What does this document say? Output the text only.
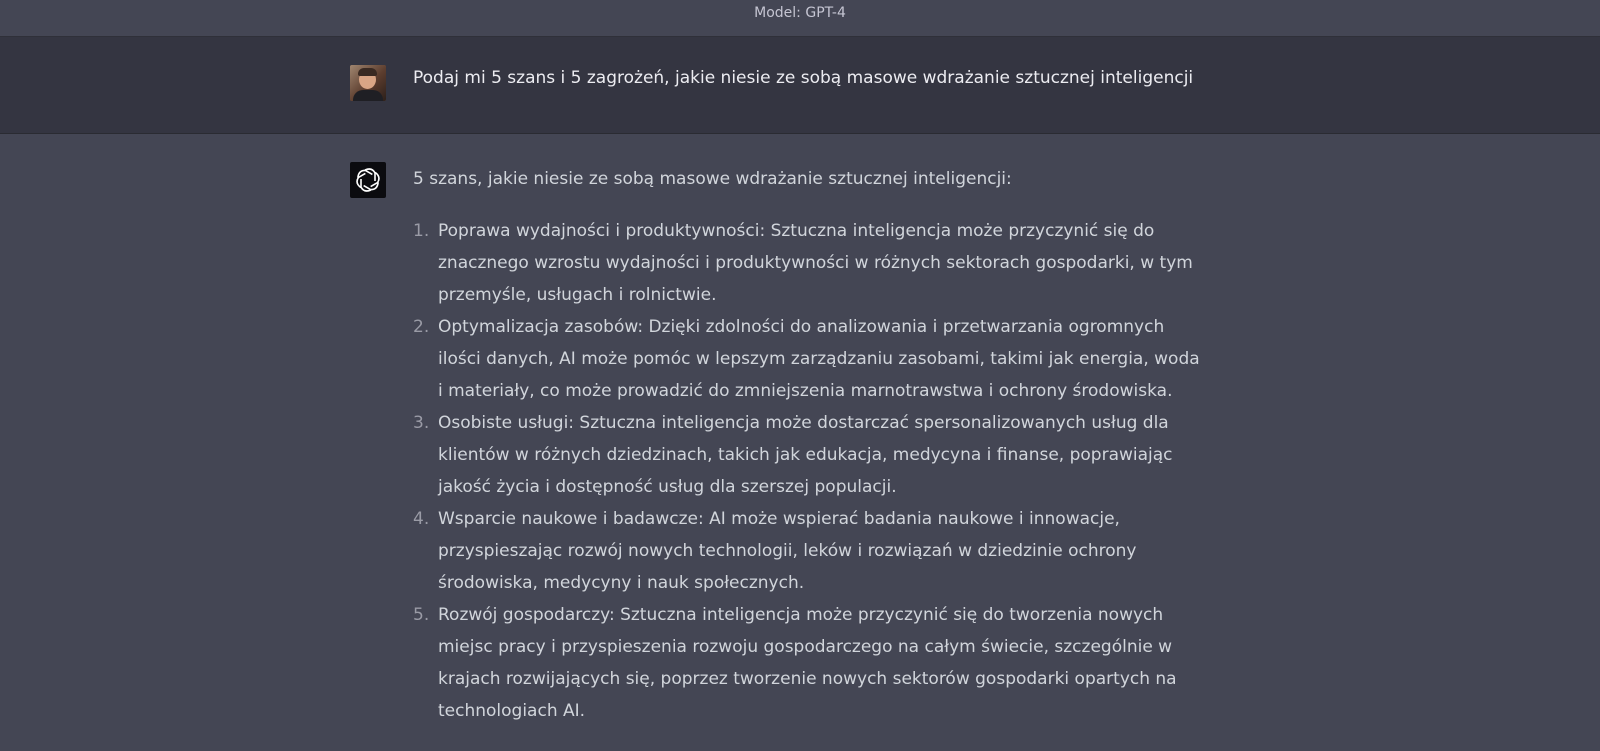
Model: GPT-4
Podaj mi 5 szans i 5 zagrożeń, jakie niesie ze sobą masowe wdrażanie sztucznej inteligencji

5 szans, jakie niesie ze sobą masowe wdrażanie sztucznej inteligencji:

1. Poprawa wydajności i produktywności: Sztuczna inteligencja może przyczynić się do
znacznego wzrostu wydajności i produktywności w różnych sektorach gospodarki, w tym
przemyśle, usługach i rolnictwie.
2. Optymalizacja zasobów: Dzięki zdolności do analizowania i przetwarzania ogromnych
ilości danych, AI może pomóc w lepszym zarządzaniu zasobami, takimi jak energia, woda
i materiały, co może prowadzić do zmniejszenia marnotrawstwa i ochrony środowiska.
3. Osobiste usługi: Sztuczna inteligencja może dostarczać spersonalizowanych usług dla
klientów w różnych dziedzinach, takich jak edukacja, medycyna i finanse, poprawiając
jakość życia i dostępność usług dla szerszej populacji.
4. Wsparcie naukowe i badawcze: AI może wspierać badania naukowe i innowacje,
przyspieszając rozwój nowych technologii, leków i rozwiązań w dziedzinie ochrony
środowiska, medycyny i nauk społecznych.
5. Rozwój gospodarczy: Sztuczna inteligencja może przyczynić się do tworzenia nowych
miejsc pracy i przyspieszenia rozwoju gospodarczego na całym świecie, szczególnie w
krajach rozwijających się, poprzez tworzenie nowych sektorów gospodarki opartych na
technologiach AI.
